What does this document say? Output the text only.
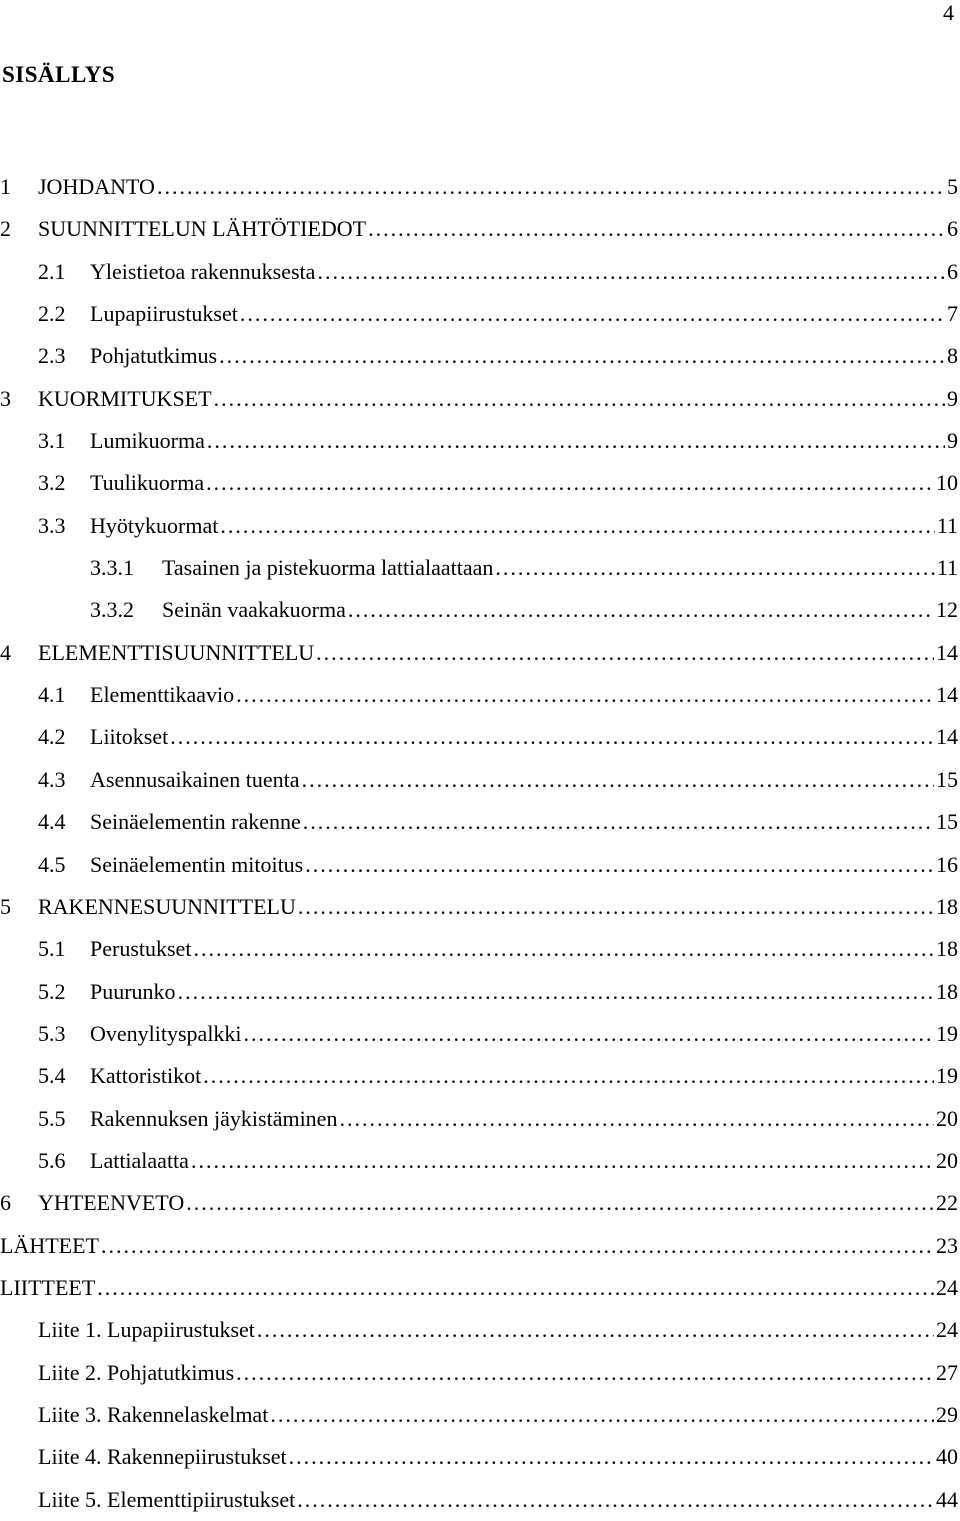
4
SISÄLLYS
1	JOHDANTO .....	5
2	SUUNNITTELUN LÄHTÖTIEDOT .....	6
2.1	Yleistietoa rakennuksesta .....	6
2.2	Lupapiirustukset .....	7
2.3	Pohjatutkimus .....	8
3	KUORMITUKSET .....	9
3.1	Lumikuorma .....	9
3.2	Tuulikuorma .....	10
3.3	Hyötykuormat .....	11
3.3.1	Tasainen ja pistekuorma lattialaattaan .....	11
3.3.2	Seinän vaakakuorma .....	12
4	ELEMENTTISUUNNITTELU .....	14
4.1	Elementtikaavio .....	14
4.2	Liitokset .....	14
4.3	Asennusaikainen tuenta .....	15
4.4	Seinäelementin rakenne .....	15
4.5	Seinäelementin mitoitus .....	16
5	RAKENNESUUNNITTELU .....	18
5.1	Perustukset .....	18
5.2	Puurunko .....	18
5.3	Ovenylityspalkki .....	19
5.4	Kattoristikot .....	19
5.5	Rakennuksen jäykistäminen .....	20
5.6	Lattialaatta .....	20
6	YHTEENVETO .....	22
LÄHTEET .....	23
LIITTEET .....	24
Liite 1. Lupapiirustukset .....	24
Liite 2. Pohjatutkimus .....	27
Liite 3. Rakennelaskelmat .....	29
Liite 4. Rakennepiirustukset .....	40
Liite 5. Elementtipiirustukset .....	44
